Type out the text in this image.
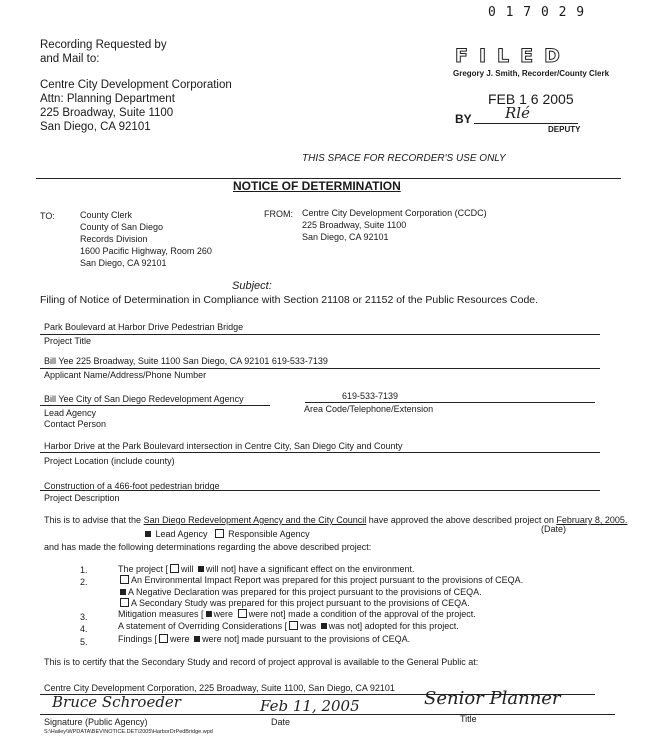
0 1 7 0 2 9
Recording Requested by
and Mail to:
Centre City Development Corporation
Attn: Planning Department
225 Broadway, Suite 1100
San Diego, CA 92101
FILED
Gregory J. Smith, Recorder/County Clerk
FEB 1 6 2005
BY Rlé
DEPUTY
THIS SPACE FOR RECORDER'S USE ONLY
NOTICE OF DETERMINATION
TO:	County Clerk
County of San Diego
Records Division
1600 Pacific Highway, Room 260
San Diego, CA 92101
FROM: Centre City Development Corporation (CCDC)
225 Broadway, Suite 1100
San Diego, CA 92101
Subject:
Filing of Notice of Determination in Compliance with Section 21108 or 21152 of the Public Resources Code.
Park Boulevard at Harbor Drive Pedestrian Bridge
Project Title
Bill Yee 225 Broadway, Suite 1100 San Diego, CA 92101 619-533-7139
Applicant Name/Address/Phone Number
Bill Yee City of San Diego Redevelopment Agency
Lead Agency
Contact Person
619-533-7139
Area Code/Telephone/Extension
Harbor Drive at the Park Boulevard intersection in Centre City, San Diego City and County
Project Location (include county)
Construction of a 466-foot pedestrian bridge
Project Description
This is to advise that the San Diego Redevelopment Agency and the City Council have approved the above described project on February 8, 2005.
(Date)
Lead Agency Responsible Agency
and has made the following determinations regarding the above described project:
1.	The project [ will will not] have a significant effect on the environment.
2.	An Environmental Impact Report was prepared for this project pursuant to the provisions of CEQA.
A Negative Declaration was prepared for this project pursuant to the provisions of CEQA.
A Secondary Study was prepared for this project pursuant to the provisions of CEQA.
3.	Mitigation measures [ were were not] made a condition of the approval of the project.
4.	A statement of Overriding Considerations [ was was not] adopted for this project.
5.	Findings [ were were not] made pursuant to the provisions of CEQA.
This is to certify that the Secondary Study and record of project approval is available to the General Public at:
Centre City Development Corporation, 225 Broadway, Suite 1100, San Diego, CA 92101
Bruce Schroeder	Feb 11, 2005	Senior Planner
Signature (Public Agency)	Date	Title
S:\Hailey\WPDATA\BEV\NOTICE.DET\2005\HarborDrPedBridge.wpd
